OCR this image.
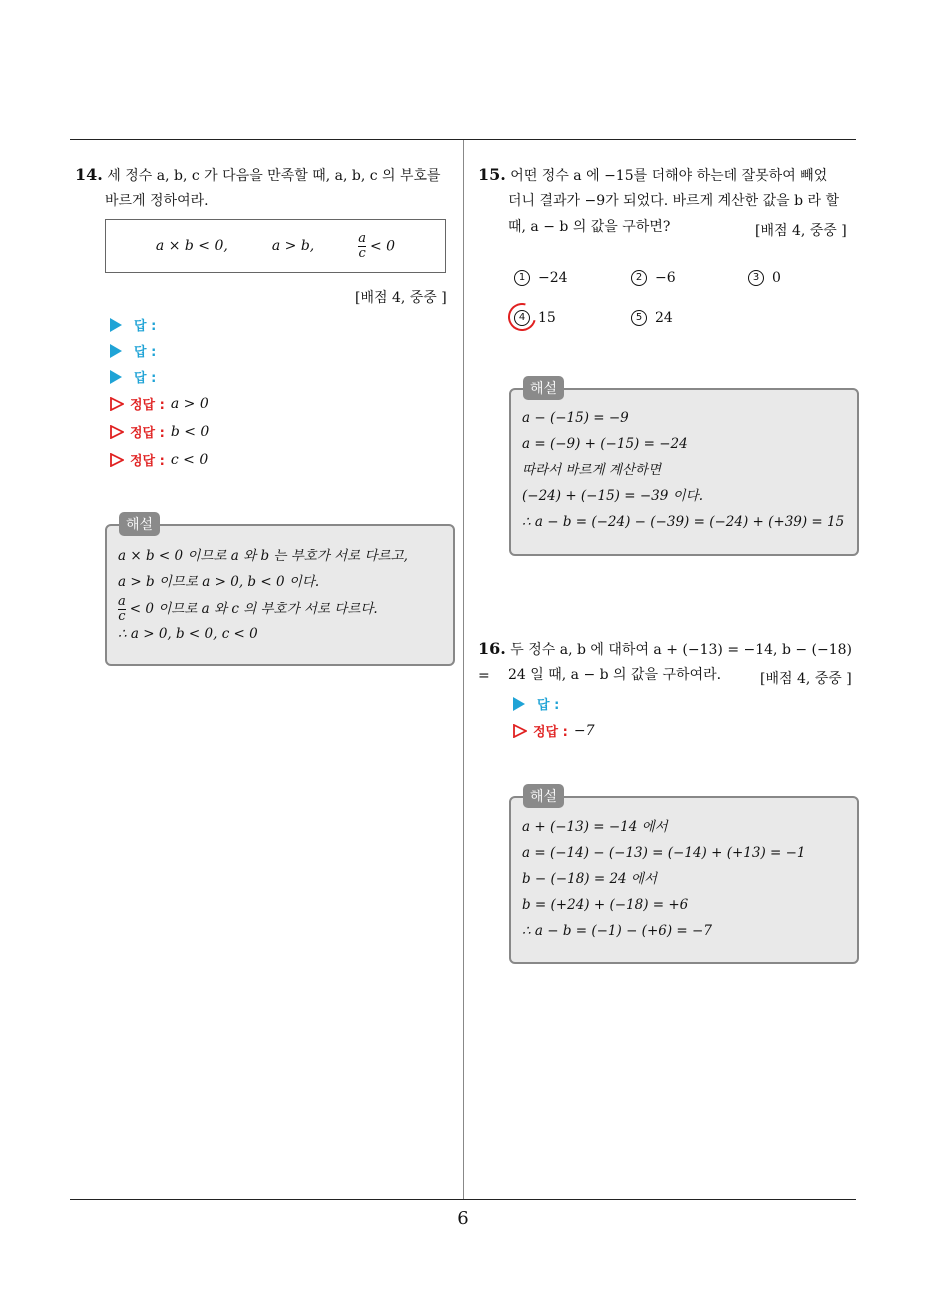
6
14. 세 정수 a, b, c 가 다음을 만족할 때, a, b, c 의 부호를
바르게 정하여라.
a × b < 0,	a > b,	$\frac{a}{c} < 0$
[배점 4, 중중 ]
답 :
답 :
답 :
정답 : a > 0
정답 : b < 0
정답 : c < 0
해설
a × b < 0 이므로 a 와 b 는 부호가 서로 다르고,
a > b 이므로 a > 0, b < 0 이다.
$\frac{a}{c} < 0$ 이므로 a 와 c 의 부호가 서로 다르다.
∴ a > 0, b < 0, c < 0
15. 어떤 정수 a 에 −15를 더해야 하는데 잘못하여 빼었
더니 결과가 −9가 되었다. 바르게 계산한 값을 b 라 할
때, a − b 의 값을 구하면?	[배점 4, 중중 ]
1 −24	2 −6	3 0
4 15	5 24
해설
a − (−15) = −9
a = (−9) + (−15) = −24
따라서 바르게 계산하면
(−24) + (−15) = −39 이다.
∴ a − b = (−24) − (−39) = (−24) + (+39) = 15
16. 두 정수 a, b 에 대하여 a + (−13) = −14, b − (−18) =	24 일 때, a − b 의 값을 구하여라.	[배점 4, 중중 ]
답 :
정답 : −7
해설
a + (−13) = −14 에서
a = (−14) − (−13) = (−14) + (+13) = −1
b − (−18) = 24 에서
b = (+24) + (−18) = +6
∴ a − b = (−1) − (+6) = −7
